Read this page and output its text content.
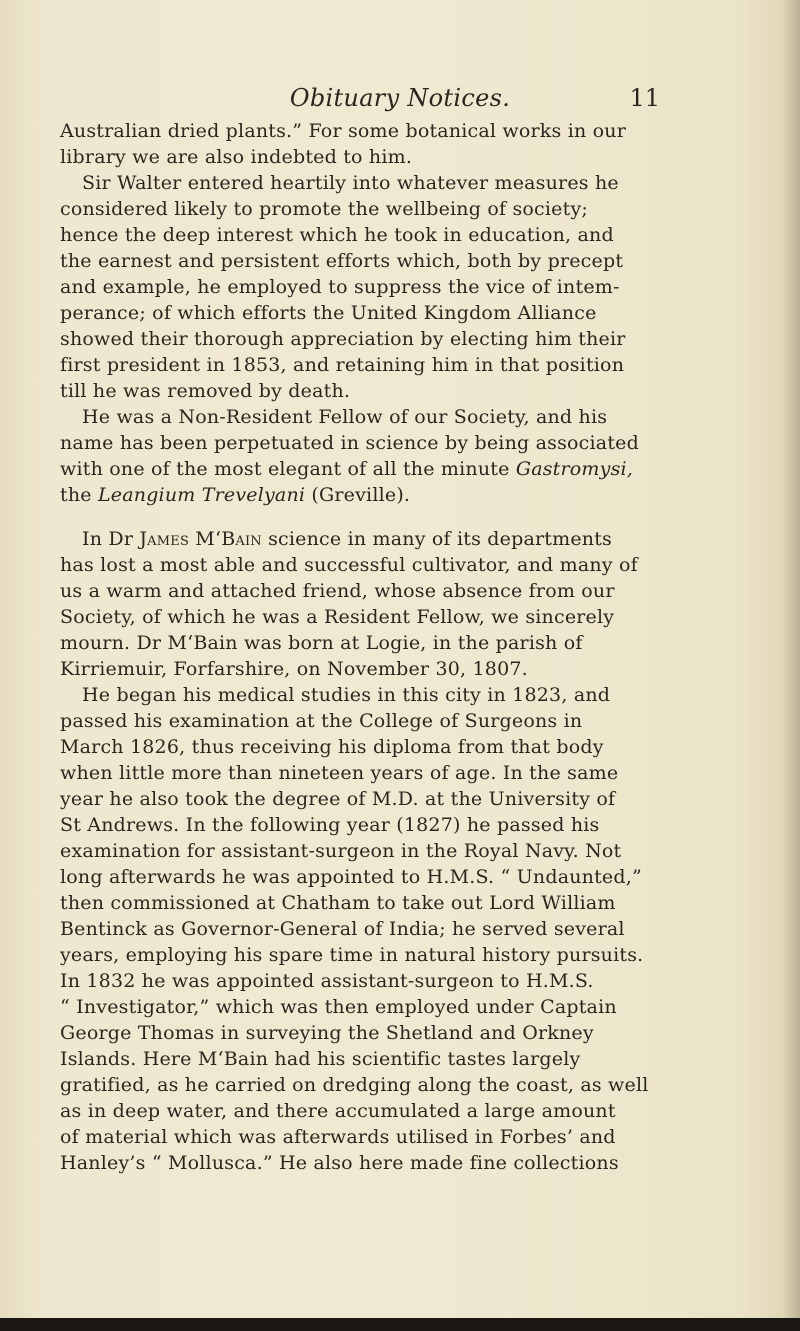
Obituary Notices.	11
Australian dried plants.” For some botanical works in our
library we are also indebted to him.
Sir Walter entered heartily into whatever measures he
considered likely to promote the wellbeing of society;
hence the deep interest which he took in education, and
the earnest and persistent efforts which, both by precept
and example, he employed to suppress the vice of intem-
perance; of which efforts the United Kingdom Alliance
showed their thorough appreciation by electing him their
first president in 1853, and retaining him in that position
till he was removed by death.
He was a Non-Resident Fellow of our Society, and his
name has been perpetuated in science by being associated
with one of the most elegant of all the minute Gastromysi,
the Leangium Trevelyani (Greville).
In Dr James M‘Bain science in many of its departments
has lost a most able and successful cultivator, and many of
us a warm and attached friend, whose absence from our
Society, of which he was a Resident Fellow, we sincerely
mourn. Dr M‘Bain was born at Logie, in the parish of
Kirriemuir, Forfarshire, on November 30, 1807.
He began his medical studies in this city in 1823, and
passed his examination at the College of Surgeons in
March 1826, thus receiving his diploma from that body
when little more than nineteen years of age. In the same
year he also took the degree of M.D. at the University of
St Andrews. In the following year (1827) he passed his
examination for assistant-surgeon in the Royal Navy. Not
long afterwards he was appointed to H.M.S. “ Undaunted,”
then commissioned at Chatham to take out Lord William
Bentinck as Governor-General of India; he served several
years, employing his spare time in natural history pursuits.
In 1832 he was appointed assistant-surgeon to H.M.S.
“ Investigator,” which was then employed under Captain
George Thomas in surveying the Shetland and Orkney
Islands. Here M‘Bain had his scientific tastes largely
gratified, as he carried on dredging along the coast, as well
as in deep water, and there accumulated a large amount
of material which was afterwards utilised in Forbes’ and
Hanley’s “ Mollusca.” He also here made fine collections
